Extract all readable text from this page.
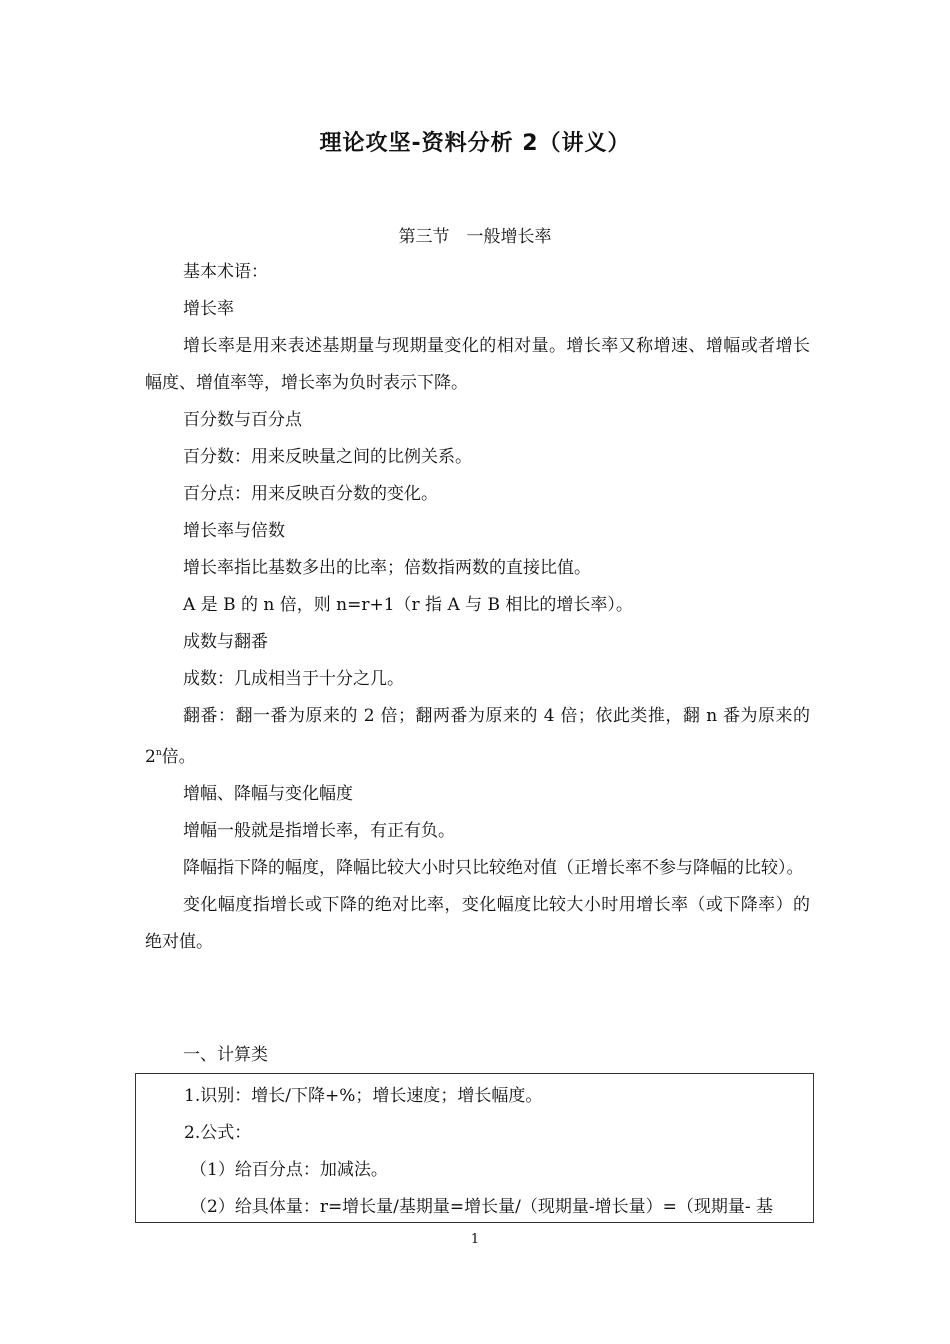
理论攻坚-资料分析 2（讲义）
第三节　一般增长率

基本术语：

增长率

增长率是用来表述基期量与现期量变化的相对量。增长率又称增速、增幅或者增长幅度、增值率等，增长率为负时表示下降。

百分数与百分点

百分数：用来反映量之间的比例关系。

百分点：用来反映百分数的变化。

增长率与倍数

增长率指比基数多出的比率；倍数指两数的直接比值。

A 是 B 的 n 倍，则 n=r+1（r 指 A 与 B 相比的增长率）。

成数与翻番

成数：几成相当于十分之几。

翻番：翻一番为原来的 2 倍；翻两番为原来的 4 倍；依此类推，翻 n 番为原来的 2$^n$倍。

增幅、降幅与变化幅度

增幅一般就是指增长率，有正有负。

降幅指下降的幅度，降幅比较大小时只比较绝对值（正增长率不参与降幅的比较）。

变化幅度指增长或下降的绝对比率，变化幅度比较大小时用增长率（或下降率）的绝对值。

一、计算类

1.识别：增长/下降+%；增长速度；增长幅度。

2.公式：

（1）给百分点：加减法。

（2）给具体量：r=增长量/基期量=增长量/（现期量-增长量）=（现期量- 基

1
